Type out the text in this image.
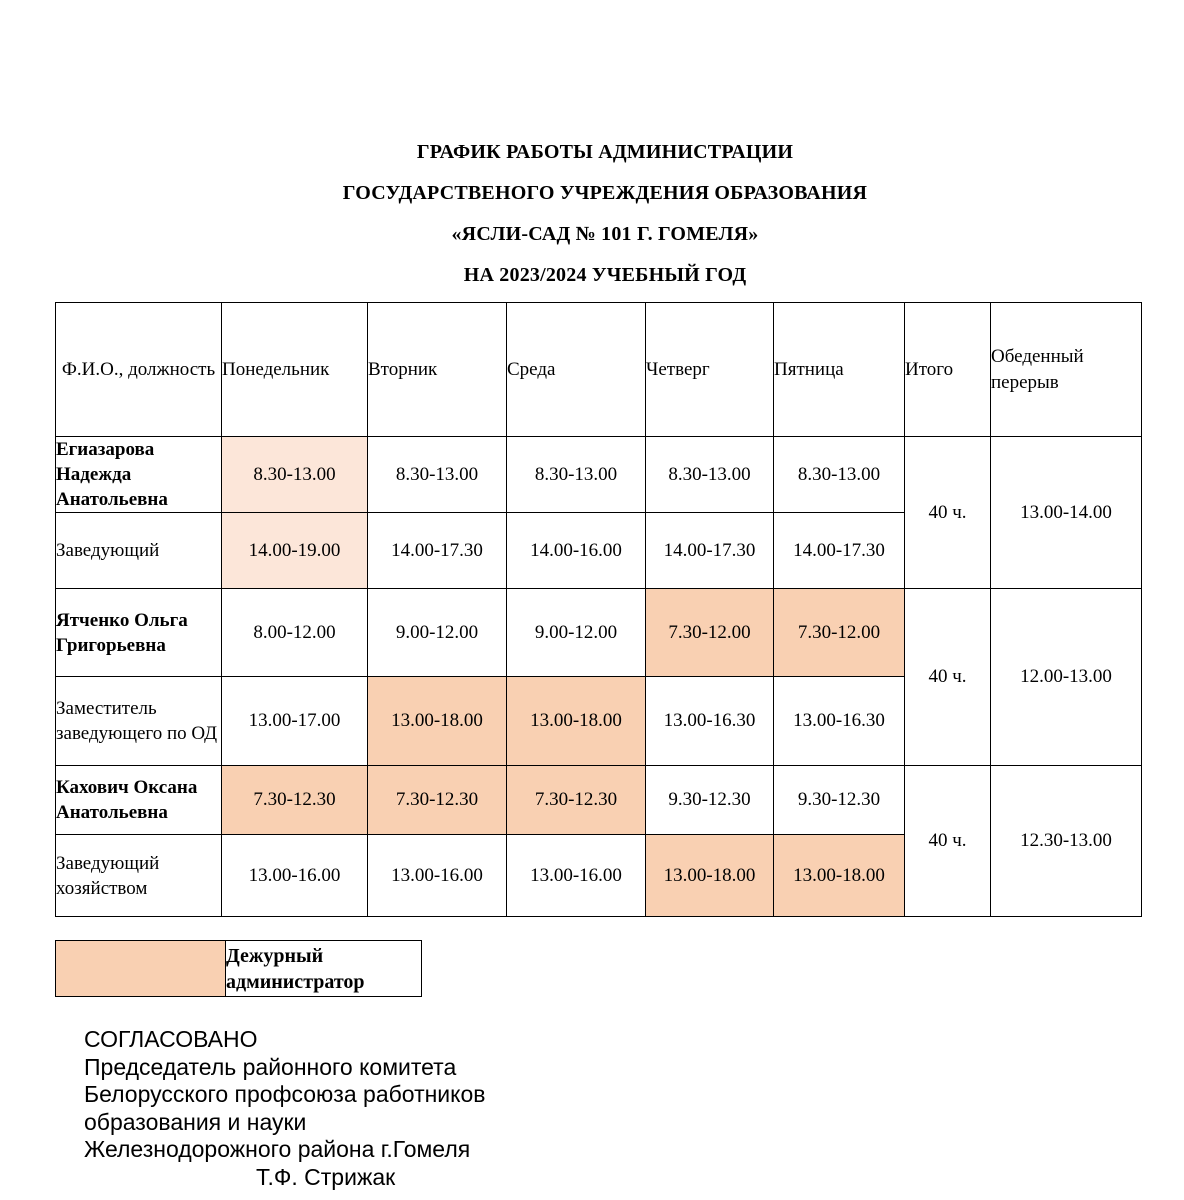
ГРАФИК РАБОТЫ АДМИНИСТРАЦИИ
ГОСУДАРСТВЕНОГО УЧРЕЖДЕНИЯ ОБРАЗОВАНИЯ
«ЯСЛИ-САД № 101 Г. ГОМЕЛЯ»
НА 2023/2024 УЧЕБНЫЙ ГОД
Ф.И.О., должность	Понедельник	Вторник	Среда	Четверг	Пятница	Итого	Обеденный перерыв
Егиазарова Надежда Анатольевна	8.30-13.00	8.30-13.00	8.30-13.00	8.30-13.00	8.30-13.00	40 ч.	13.00-14.00
Заведующий	14.00-19.00	14.00-17.30	14.00-16.00	14.00-17.30	14.00-17.30		
Ятченко Ольга Григорьевна	8.00-12.00	9.00-12.00	9.00-12.00	7.30-12.00	7.30-12.00	40 ч.	12.00-13.00
Заместитель заведующего по ОД	13.00-17.00	13.00-18.00	13.00-18.00	13.00-16.30	13.00-16.30		
Кахович Оксана Анатольевна	7.30-12.30	7.30-12.30	7.30-12.30	9.30-12.30	9.30-12.30	40 ч.	12.30-13.00
Заведующий хозяйством	13.00-16.00	13.00-16.00	13.00-16.00	13.00-18.00	13.00-18.00		
	Дежурный администратор
СОГЛАСОВАНО
Председатель районного комитета
Белорусского профсоюза работников
образования и науки
Железнодорожного района г.Гомеля
Т.Ф. Стрижак
